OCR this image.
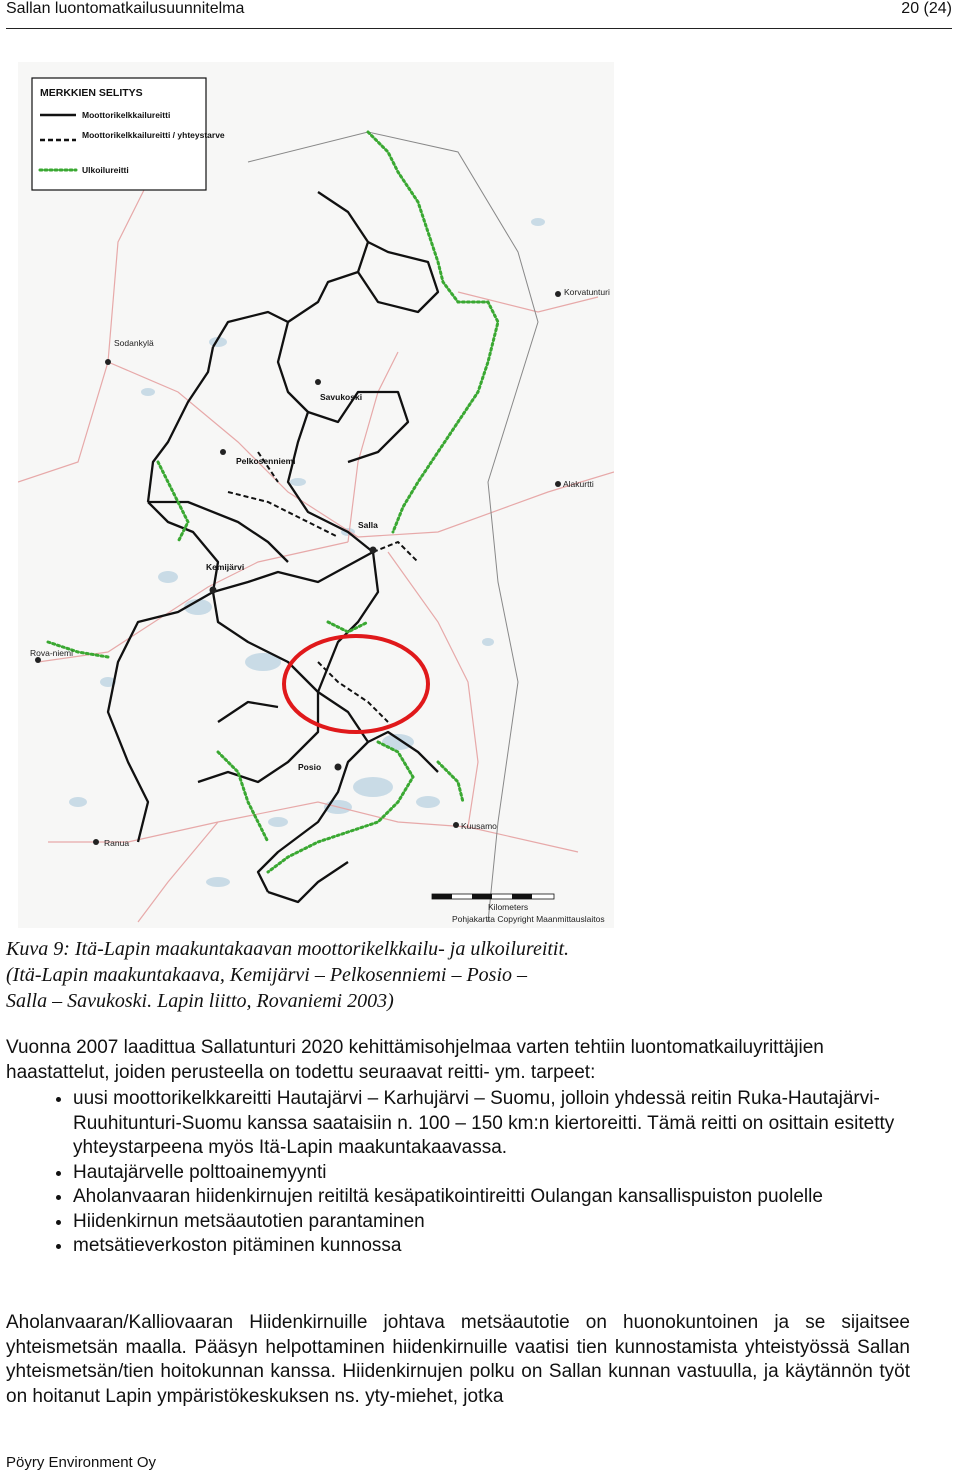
Sallan luontomatkailusuunnitelma	20 (24)
MERKKIEN SELITYS
Moottorikelkkailureitti
Moottorikelkkailureitti / yhteystarve
Ulkoilureitti
Korvatunturi
Sodankylä
Savukoski
Pelkosenniemi
Alakurtti
Salla
Kemijärvi
Rova-niemi
Posio
Kuusamo
Ranua
Kilometers
Pohjakartta Copyright Maanmittauslaitos

Kuva 9: Itä-Lapin maakuntakaavan moottorikelkkailu- ja ulkoilureitit.

(Itä-Lapin maakuntakaava, Kemijärvi – Pelkosenniemi – Posio –

Salla – Savukoski. Lapin liitto, Rovaniemi 2003)

Vuonna 2007 laadittua Sallatunturi 2020 kehittämisohjelmaa varten tehtiin luontomatkailuyrittäjien haastattelut, joiden perusteella on todettu seuraavat reitti- ym. tarpeet:

• uusi moottorikelkkareitti Hautajärvi – Karhujärvi – Suomu, jolloin yhdessä reitin Ruka-Hautajärvi-Ruuhitunturi-Suomu kanssa saataisiin n. 100 – 150 km:n kiertoreitti. Tämä reitti on osittain esitetty yhteystarpeena myös Itä-Lapin maakuntakaavassa.
• Hautajärvelle polttoainemyynti
• Aholanvaaran hiidenkirnujen reitiltä kesäpatikointireitti Oulangan kansallispuiston puolelle
• Hiidenkirnun metsäautotien parantaminen
• metsätieverkoston pitäminen kunnossa

Aholanvaaran/Kalliovaaran Hiidenkirnuille johtava metsäautotie on huonokuntoinen ja se sijaitsee yhteismetsän maalla. Pääsyn helpottaminen hiidenkirnuille vaatisi tien kunnostamista yhteistyössä Sallan yhteismetsän/tien hoitokunnan kanssa. Hiidenkirnujen polku on Sallan kunnan vastuulla, ja käytännön työt on hoitanut Lapin ympäristökeskuksen ns. yty-miehet, jotka

Pöyry Environment Oy
